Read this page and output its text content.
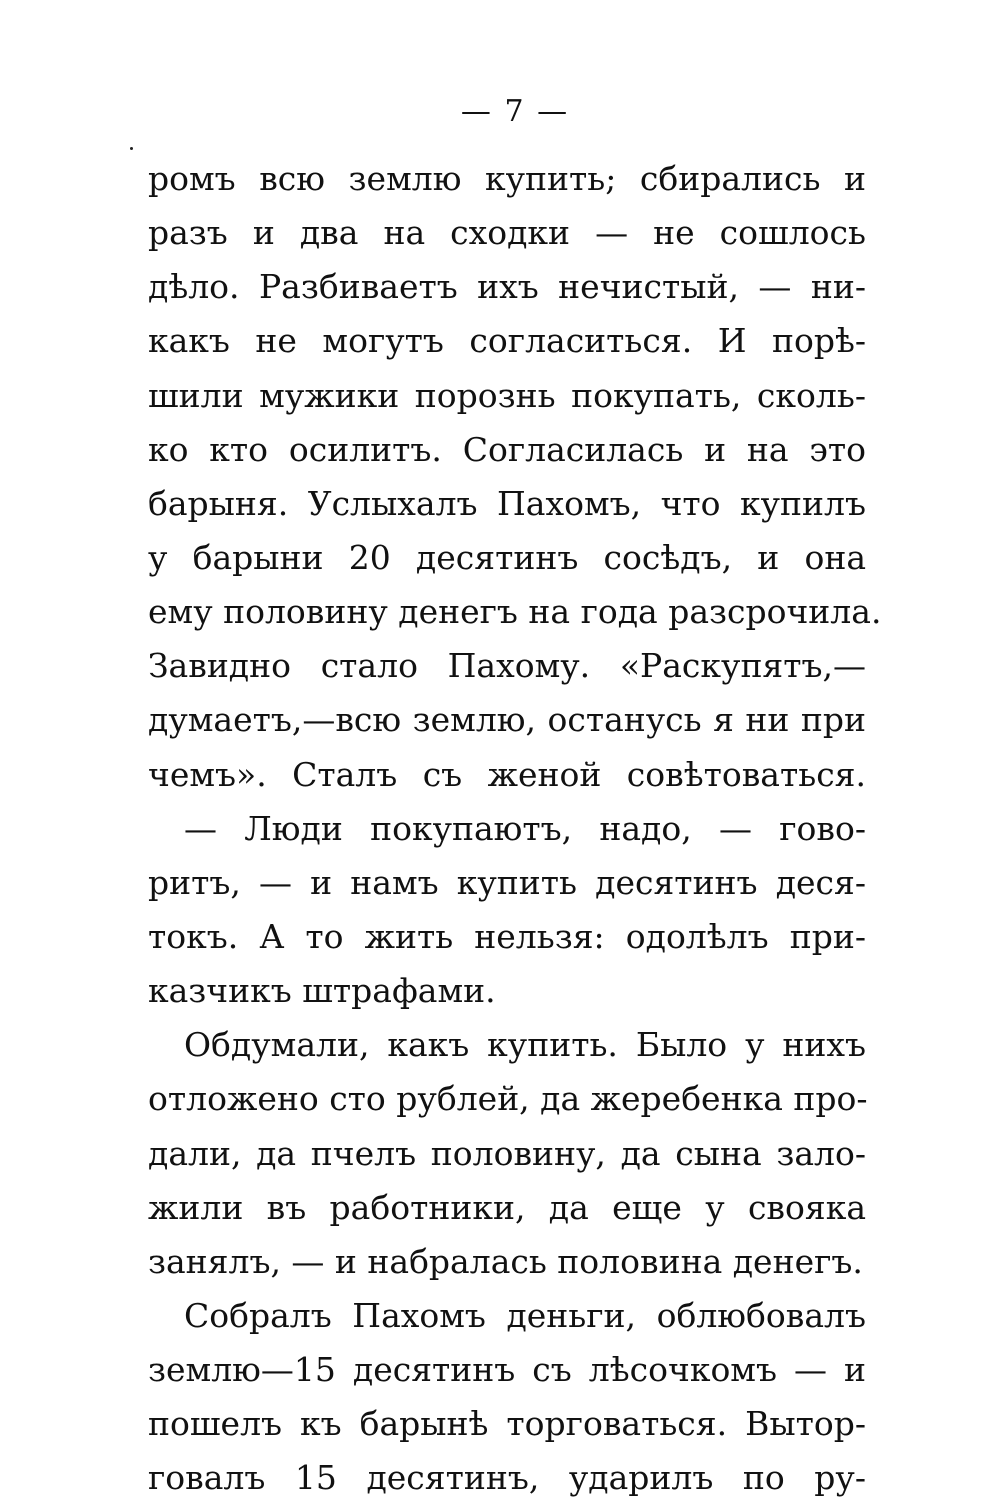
— 7 —
ромъ всю землю купить; сбирались и
разъ и два на сходки — не сошлось
дѣло. Разбиваетъ ихъ нечистый, — ни-
какъ не могутъ согласиться. И порѣ-
шили мужики порознь покупать, сколь-
ко кто осилитъ. Согласилась и на это
барыня. Услыхалъ Пахомъ, что купилъ
у барыни 20 десятинъ сосѣдъ, и она
ему половину денегъ на года разсрочила.
Завидно стало Пахому. «Раскупятъ,—
думаетъ,—всю землю, останусь я ни при
чемъ». Сталъ съ женой совѣтоваться.
— Люди покупаютъ, надо, — гово-
ритъ, — и намъ купить десятинъ деся-
токъ. А то жить нельзя: одолѣлъ при-
казчикъ штрафами.
Обдумали, какъ купить. Было у нихъ
отложено сто рублей, да жеребенка про-
дали, да пчелъ половину, да сына зало-
жили въ работники, да еще у свояка
занялъ, — и набралась половина денегъ.
Собралъ Пахомъ деньги, облюбовалъ
землю—15 десятинъ съ лѣсочкомъ — и
пошелъ къ барынѣ торговаться. Вытор-
говалъ 15 десятинъ, ударилъ по ру-
